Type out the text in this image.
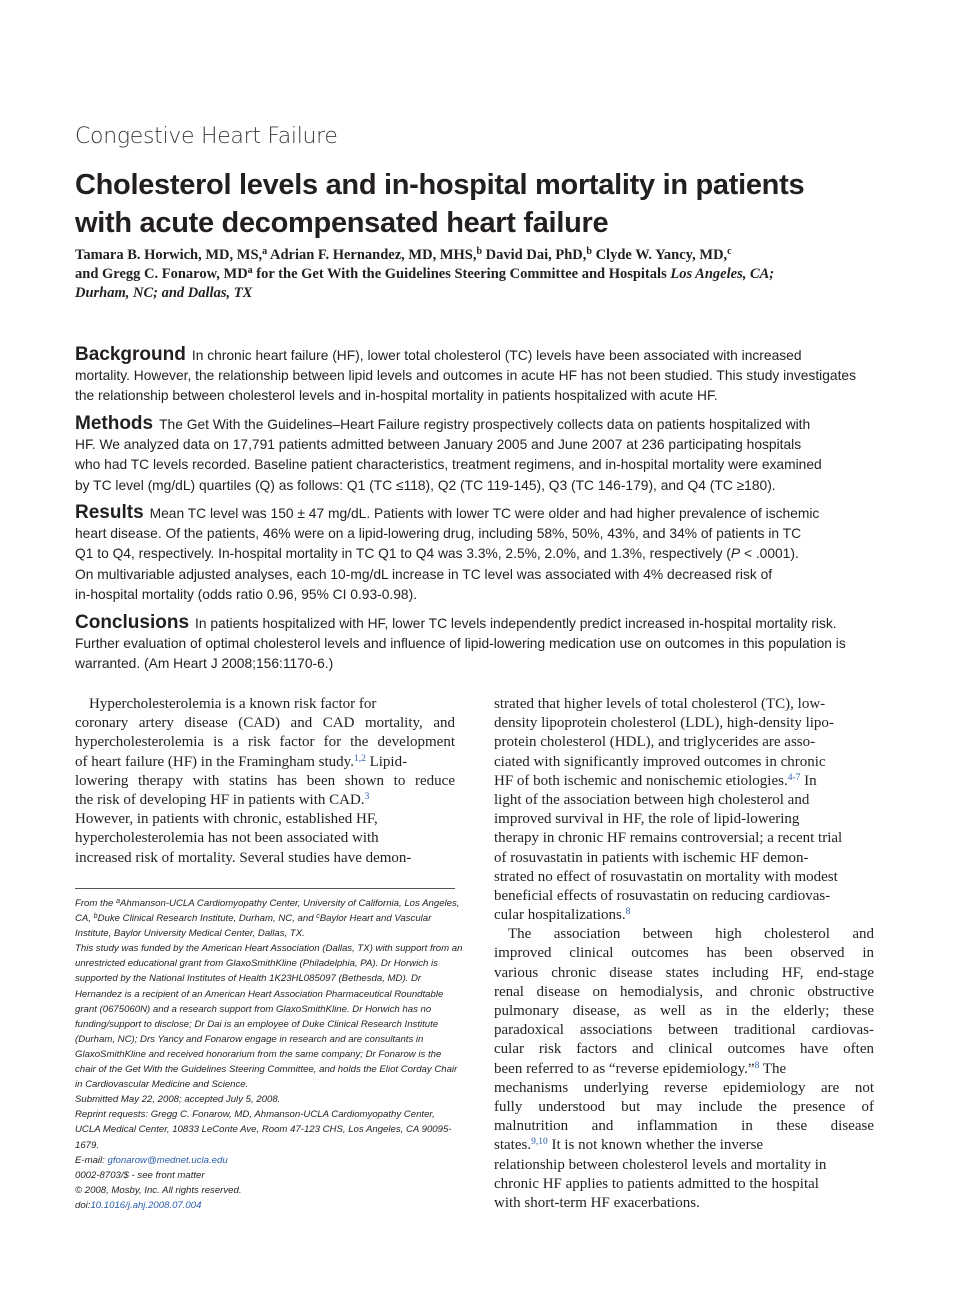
Congestive Heart Failure
Cholesterol levels and in-hospital mortality in patients
with acute decompensated heart failure
Tamara B. Horwich, MD, MS,$^a$ Adrian F. Hernandez, MD, MHS,$^b$ David Dai, PhD,$^b$ Clyde W. Yancy, MD,$^c$
and Gregg C. Fonarow, $MD^a$ for the Get With the Guidelines Steering Committee and Hospitals Los Angeles, CA;
Durham, NC; and Dallas, TX
Background In chronic heart failure (HF), lower total cholesterol (TC) levels have been associated with increased
mortality. However, the relationship between lipid levels and outcomes in acute HF has not been studied. This study investigates
the relationship between cholesterol levels and in-hospital mortality in patients hospitalized with acute HF.
Methods The Get With the Guidelines–Heart Failure registry prospectively collects data on patients hospitalized with
HF. We analyzed data on 17,791 patients admitted between January 2005 and June 2007 at 236 participating hospitals
who had TC levels recorded. Baseline patient characteristics, treatment regimens, and in-hospital mortality were examined
by TC level (mg/dL) quartiles (Q) as follows: Q1 (TC ≤118), Q2 (TC 119-145), Q3 (TC 146-179), and Q4 (TC ≥180).
Results Mean TC level was 150 ± 47 mg/dL. Patients with lower TC were older and had higher prevalence of ischemic
heart disease. Of the patients, 46% were on a lipid-lowering drug, including 58%, 50%, 43%, and 34% of patients in TC
Q1 to Q4, respectively. In-hospital mortality in TC Q1 to Q4 was 3.3%, 2.5%, 2.0%, and 1.3%, respectively (P < .0001).
On multivariable adjusted analyses, each 10-mg/dL increase in TC level was associated with 4% decreased risk of
in-hospital mortality (odds ratio 0.96, 95% CI 0.93-0.98).
Conclusions In patients hospitalized with HF, lower TC levels independently predict increased in-hospital mortality risk.
Further evaluation of optimal cholesterol levels and influence of lipid-lowering medication use on outcomes in this population is
warranted. (Am Heart J 2008;156:1170-6.)
Hypercholesterolemia is a known risk factor for
coronary artery disease (CAD) and CAD mortality, and
hypercholesterolemia is a risk factor for the development
of heart failure (HF) in the Framingham study.$^{1,2}$ Lipid-
lowering therapy with statins has been shown to reduce
the risk of developing HF in patients with CAD.$^3$
However, in patients with chronic, established HF,
hypercholesterolemia has not been associated with
increased risk of mortality. Several studies have demon-
strated that higher levels of total cholesterol (TC), low-
density lipoprotein cholesterol (LDL), high-density lipo-
protein cholesterol (HDL), and triglycerides are asso-
ciated with significantly improved outcomes in chronic
HF of both ischemic and nonischemic etiologies.$^{4-7}$ In
light of the association between high cholesterol and
improved survival in HF, the role of lipid-lowering
therapy in chronic HF remains controversial; a recent trial
of rosuvastatin in patients with ischemic HF demon-
strated no effect of rosuvastatin on mortality with modest
beneficial effects of rosuvastatin on reducing cardiovas-
cular hospitalizations.$^8$
The association between high cholesterol and
improved clinical outcomes has been observed in
various chronic disease states including HF, end-stage
renal disease on hemodialysis, and chronic obstructive
pulmonary disease, as well as in the elderly; these
paradoxical associations between traditional cardiovas-
cular risk factors and clinical outcomes have often
been referred to as “reverse epidemiology.”$^8$ The
mechanisms underlying reverse epidemiology are not
fully understood but may include the presence of
malnutrition and inflammation in these disease
states.$^{9,10}$ It is not known whether the inverse
relationship between cholesterol levels and mortality in
chronic HF applies to patients admitted to the hospital
with short-term HF exacerbations.
From the $^a$Ahmanson-UCLA Cardiomyopathy Center, University of California, Los Angeles,
CA, $^b$Duke Clinical Research Institute, Durham, NC, and $^c$Baylor Heart and Vascular
Institute, Baylor University Medical Center, Dallas, TX.
This study was funded by the American Heart Association (Dallas, TX) with support from an
unrestricted educational grant from GlaxoSmithKline (Philadelphia, PA). Dr Horwich is
supported by the National Institutes of Health 1K23HL085097 (Bethesda, MD). Dr
Hernandez is a recipient of an American Heart Association Pharmaceutical Roundtable
grant (0675060N) and a research support from GlaxoSmithKline. Dr Horwich has no
funding/support to disclose; Dr Dai is an employee of Duke Clinical Research Institute
(Durham, NC); Drs Yancy and Fonarow engage in research and are consultants in
GlaxoSmithKline and received honorarium from the same company; Dr Fonarow is the
chair of the Get With the Guidelines Steering Committee, and holds the Eliot Corday Chair
in Cardiovascular Medicine and Science.
Submitted May 22, 2008; accepted July 5, 2008.
Reprint requests: Gregg C. Fonarow, MD, Ahmanson-UCLA Cardiomyopathy Center,
UCLA Medical Center, 10833 LeConte Ave, Room 47-123 CHS, Los Angeles, CA 90095-
1679.
E-mail: gfonarow@mednet.ucla.edu
0002-8703/$ - see front matter
© 2008, Mosby, Inc. All rights reserved.
doi:10.1016/j.ahj.2008.07.004
